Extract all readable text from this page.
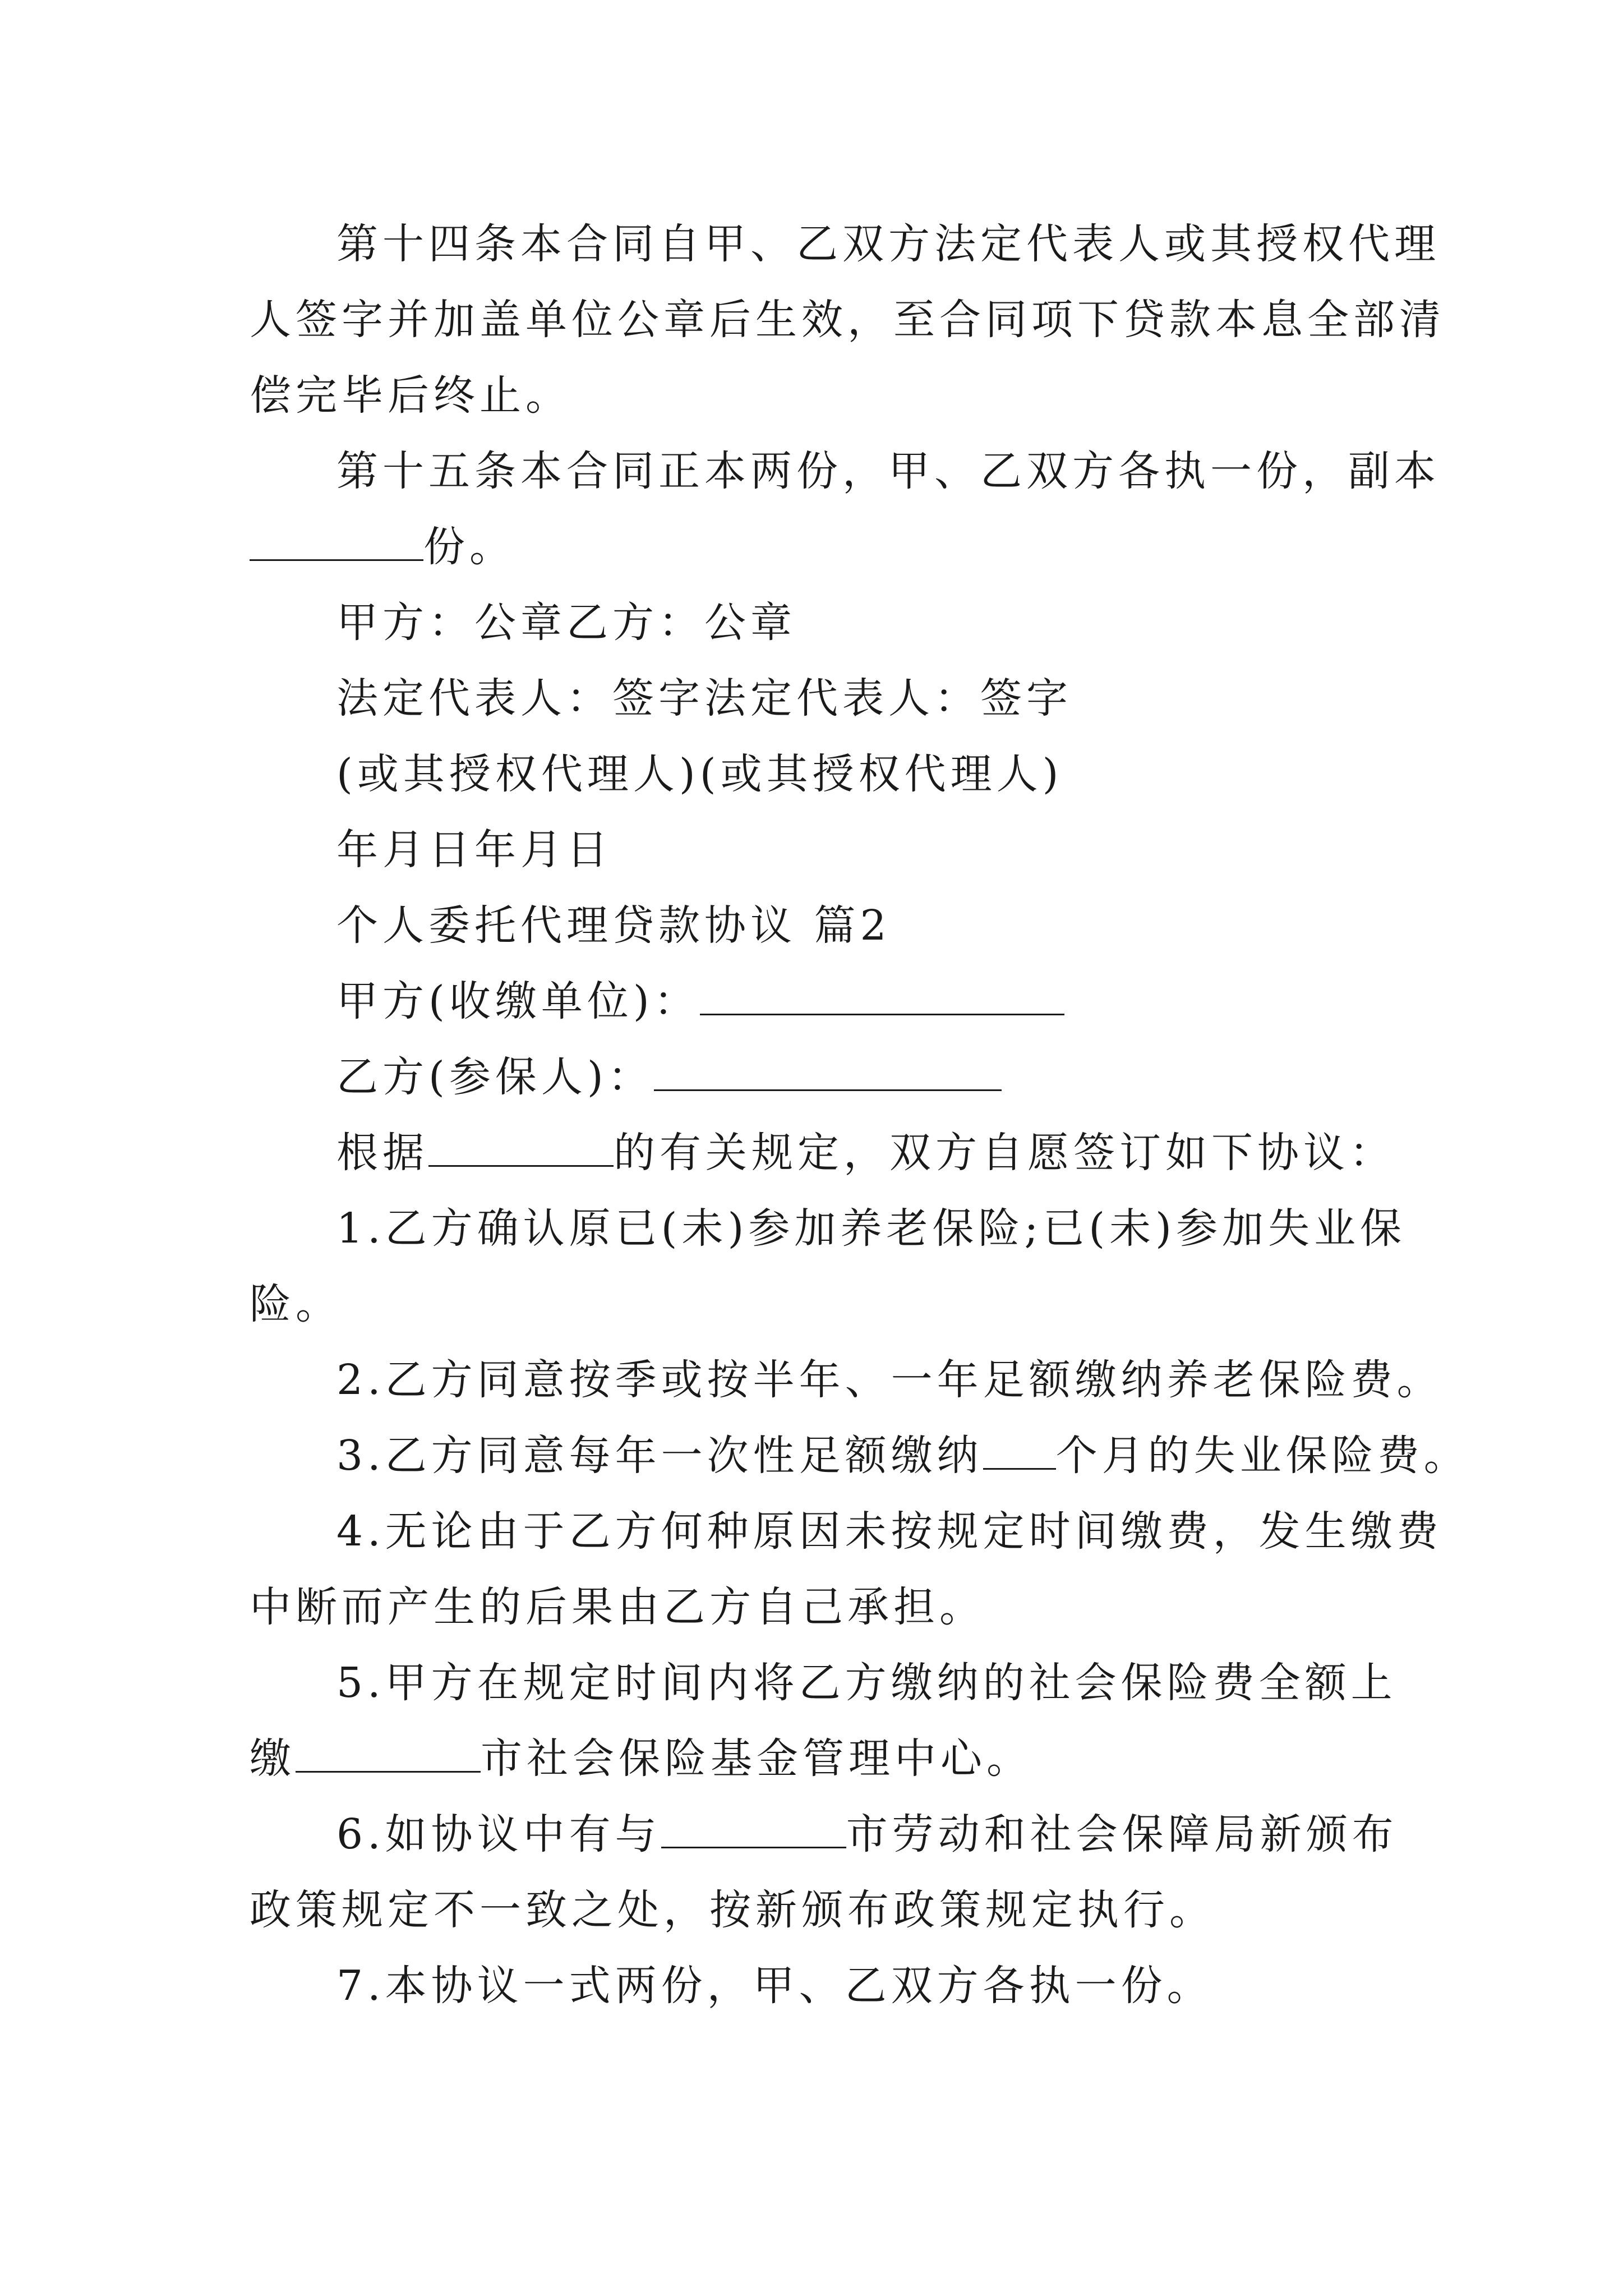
第十四条本合同自甲、乙双方法定代表人或其授权代理
人签字并加盖单位公章后生效，至合同项下贷款本息全部清
偿完毕后终止。
第十五条本合同正本两份，甲、乙双方各执一份，副本
份。
甲方：公章乙方：公章
法定代表人：签字法定代表人：签字
(或其授权代理人)(或其授权代理人)
年月日年月日
个人委托代理贷款协议 篇2
甲方(收缴单位)：
乙方(参保人)：
根据	的有关规定，双方自愿签订如下协议：
1.乙方确认原已(未)参加养老保险;已(未)参加失业保
险。
2.乙方同意按季或按半年、一年足额缴纳养老保险费。
3.乙方同意每年一次性足额缴纳 个月的失业保险费。
4.无论由于乙方何种原因未按规定时间缴费，发生缴费
中断而产生的后果由乙方自己承担。
5.甲方在规定时间内将乙方缴纳的社会保险费全额上
缴	市社会保险基金管理中心。
6.如协议中有与	市劳动和社会保障局新颁布
政策规定不一致之处，按新颁布政策规定执行。
7.本协议一式两份，甲、乙双方各执一份。
